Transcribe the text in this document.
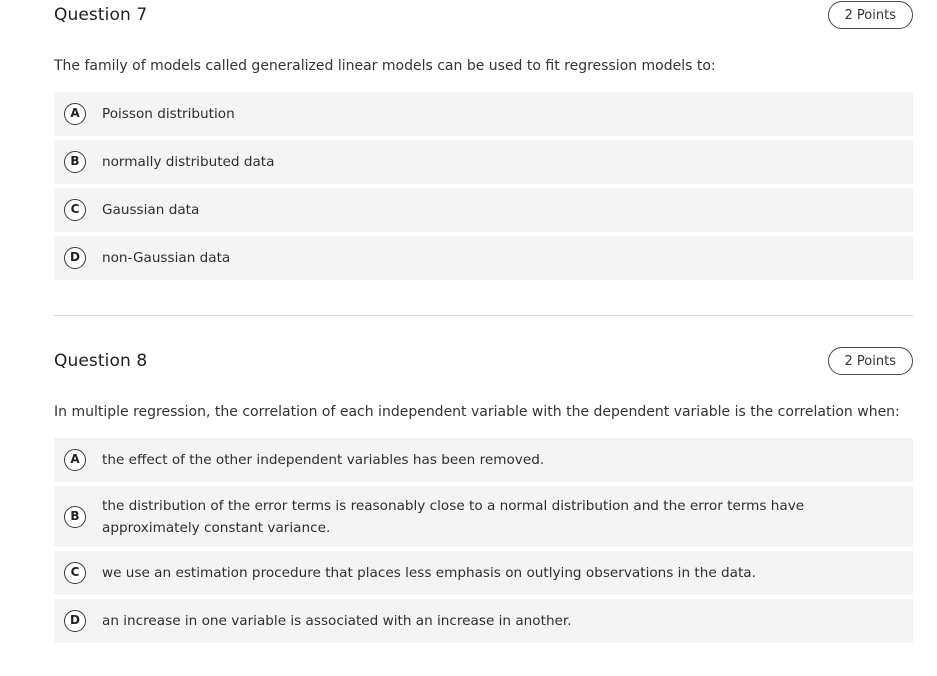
Question 7	2 Points
The family of models called generalized linear models can be used to fit regression models to:
A	Poisson distribution
B	normally distributed data
C	Gaussian data
D	non-Gaussian data
Question 8	2 Points
In multiple regression, the correlation of each independent variable with the dependent variable is the correlation when:
A	the effect of the other independent variables has been removed.
B
the distribution of the error terms is reasonably close to a normal distribution and the error terms have approximately constant variance.
C	we use an estimation procedure that places less emphasis on outlying observations in the data.
D	an increase in one variable is associated with an increase in another.
